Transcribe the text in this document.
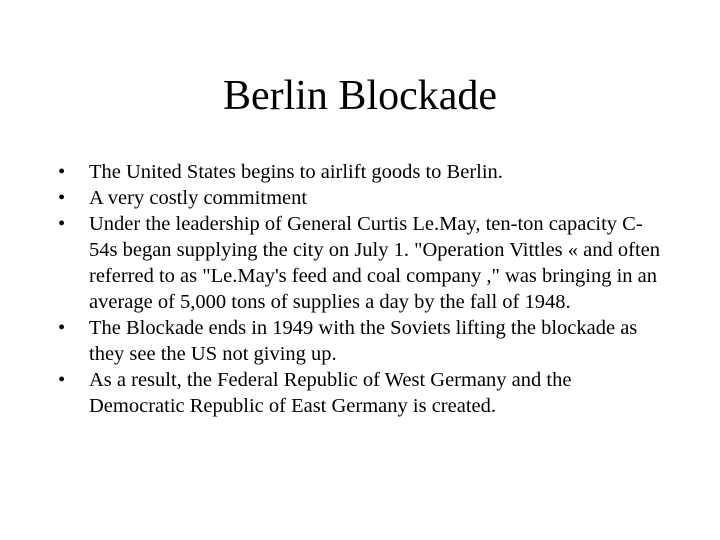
Berlin Blockade
•	The United States begins to airlift goods to Berlin.
•	A very costly commitment
•	Under the leadership of General Curtis Le.May, ten-ton capacity C-54s began supplying the city on July 1. "Operation Vittles « and often referred to as "Le.May's feed and coal company ," was bringing in an average of 5,000 tons of supplies a day by the fall of 1948.
•	The Blockade ends in 1949 with the Soviets lifting the blockade as they see the US not giving up.
•	As a result, the Federal Republic of West Germany and the Democratic Republic of East Germany is created.
